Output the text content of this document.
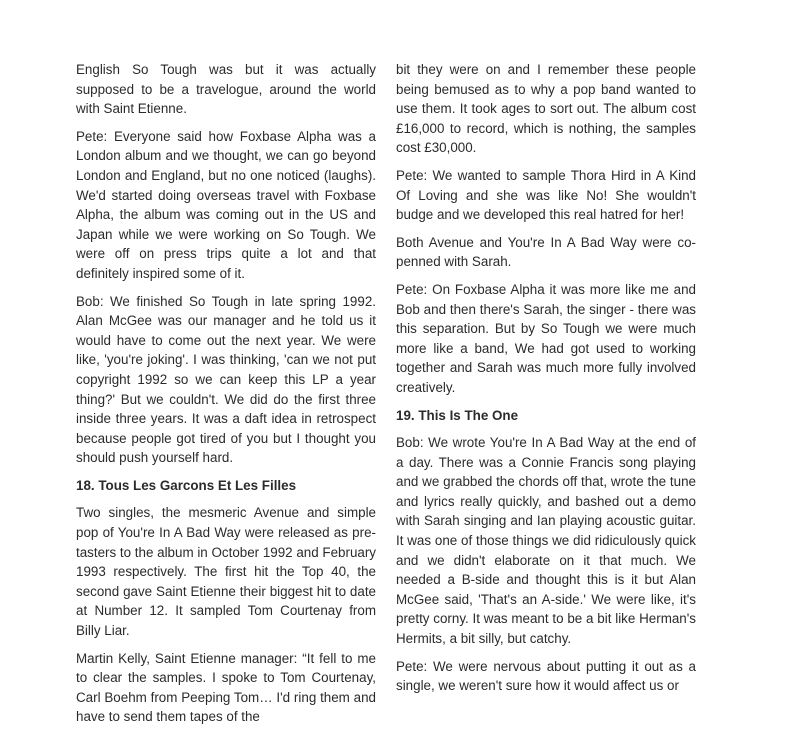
English So Tough was but it was actually supposed to be a travelogue, around the world with Saint Etienne.

Pete: Everyone said how Foxbase Alpha was a London album and we thought, we can go beyond London and England, but no one noticed (laughs). We'd started doing overseas travel with Foxbase Alpha, the album was coming out in the US and Japan while we were working on So Tough. We were off on press trips quite a lot and that definitely inspired some of it.

Bob: We finished So Tough in late spring 1992. Alan McGee was our manager and he told us it would have to come out the next year. We were like, 'you're joking'. I was thinking, 'can we not put copyright 1992 so we can keep this LP a year thing?' But we couldn't. We did do the first three inside three years. It was a daft idea in retrospect because people got tired of you but I thought you should push yourself hard.

18. Tous Les Garcons Et Les Filles

Two singles, the mesmeric Avenue and simple pop of You're In A Bad Way were released as pre-tasters to the album in October 1992 and February 1993 respectively. The first hit the Top 40, the second gave Saint Etienne their biggest hit to date at Number 12. It sampled Tom Courtenay from Billy Liar.

Martin Kelly, Saint Etienne manager: “It fell to me to clear the samples. I spoke to Tom Courtenay, Carl Boehm from Peeping Tom… I'd ring them and have to send them tapes of the

bit they were on and I remember these people being bemused as to why a pop band wanted to use them. It took ages to sort out. The album cost £16,000 to record, which is nothing, the samples cost £30,000.

Pete: We wanted to sample Thora Hird in A Kind Of Loving and she was like No! She wouldn't budge and we developed this real hatred for her!

Both Avenue and You're In A Bad Way were co-penned with Sarah.

Pete: On Foxbase Alpha it was more like me and Bob and then there's Sarah, the singer - there was this separation. But by So Tough we were much more like a band, We had got used to working together and Sarah was much more fully involved creatively.

19. This Is The One

Bob: We wrote You're In A Bad Way at the end of a day. There was a Connie Francis song playing and we grabbed the chords off that, wrote the tune and lyrics really quickly, and bashed out a demo with Sarah singing and Ian playing acoustic guitar. It was one of those things we did ridiculously quick and we didn't elaborate on it that much. We needed a B-side and thought this is it but Alan McGee said, 'That's an A-side.' We were like, it's pretty corny. It was meant to be a bit like Herman's Hermits, a bit silly, but catchy.

Pete: We were nervous about putting it out as a single, we weren't sure how it would affect us or
